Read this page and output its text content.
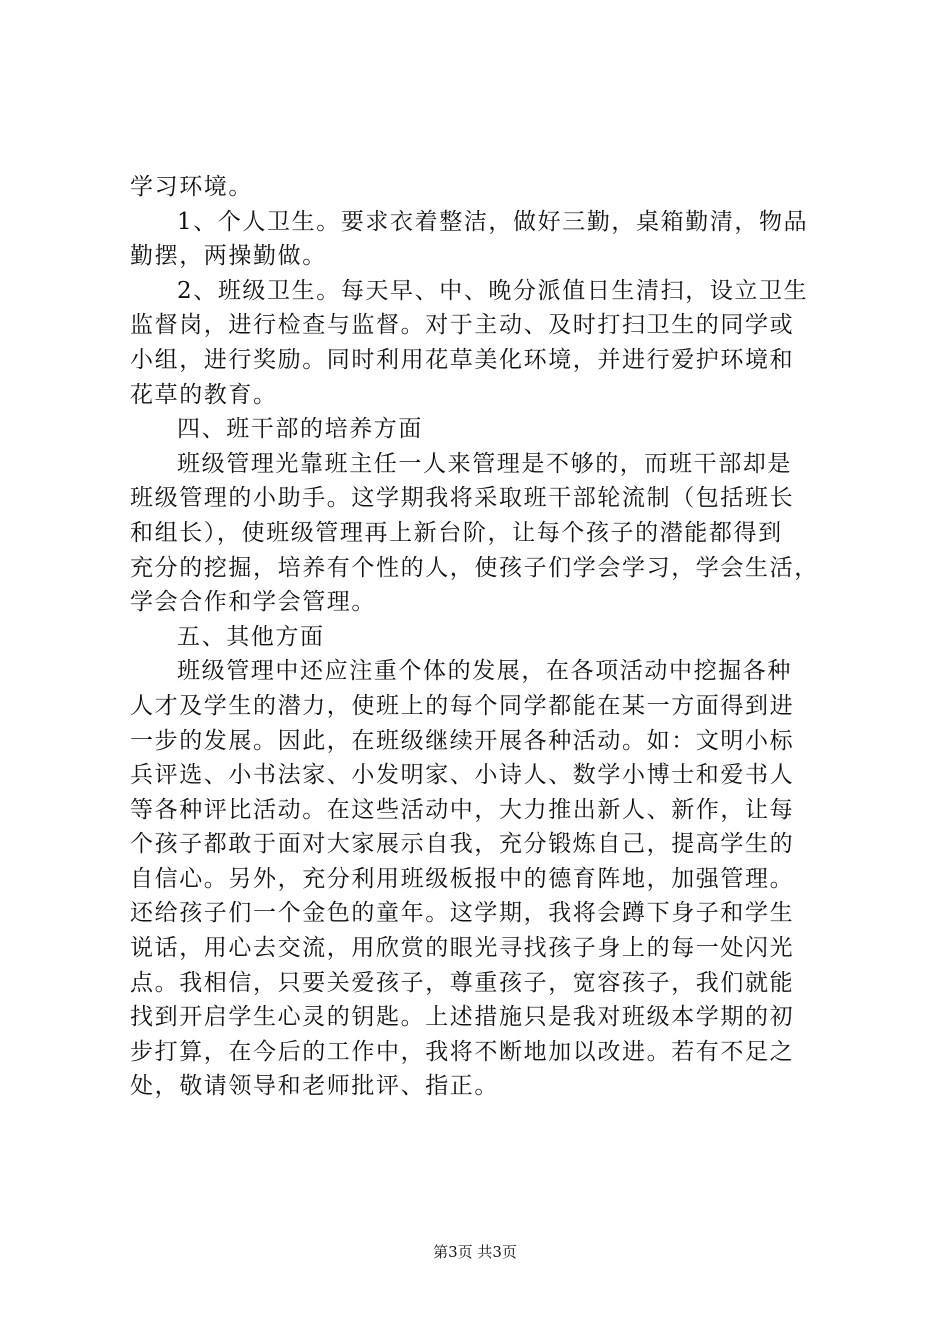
学习环境。
1、个人卫生。要求衣着整洁，做好三勤，桌箱勤清，物品
勤摆，两操勤做。
2、班级卫生。每天早、中、晚分派值日生清扫，设立卫生
监督岗，进行检查与监督。对于主动、及时打扫卫生的同学或
小组，进行奖励。同时利用花草美化环境，并进行爱护环境和
花草的教育。
四、班干部的培养方面
班级管理光靠班主任一人来管理是不够的，而班干部却是
班级管理的小助手。这学期我将采取班干部轮流制（包括班长
和组长），使班级管理再上新台阶，让每个孩子的潜能都得到
充分的挖掘，培养有个性的人，使孩子们学会学习，学会生活，
学会合作和学会管理。
五、其他方面
班级管理中还应注重个体的发展，在各项活动中挖掘各种
人才及学生的潜力，使班上的每个同学都能在某一方面得到进
一步的发展。因此，在班级继续开展各种活动。如：文明小标
兵评选、小书法家、小发明家、小诗人、数学小博士和爱书人
等各种评比活动。在这些活动中，大力推出新人、新作，让每
个孩子都敢于面对大家展示自我，充分锻炼自己，提高学生的
自信心。另外，充分利用班级板报中的德育阵地，加强管理。
还给孩子们一个金色的童年。这学期，我将会蹲下身子和学生
说话，用心去交流，用欣赏的眼光寻找孩子身上的每一处闪光
点。我相信，只要关爱孩子，尊重孩子，宽容孩子，我们就能
找到开启学生心灵的钥匙。上述措施只是我对班级本学期的初
步打算，在今后的工作中，我将不断地加以改进。若有不足之
处，敬请领导和老师批评、指正。
第3页 共3页
